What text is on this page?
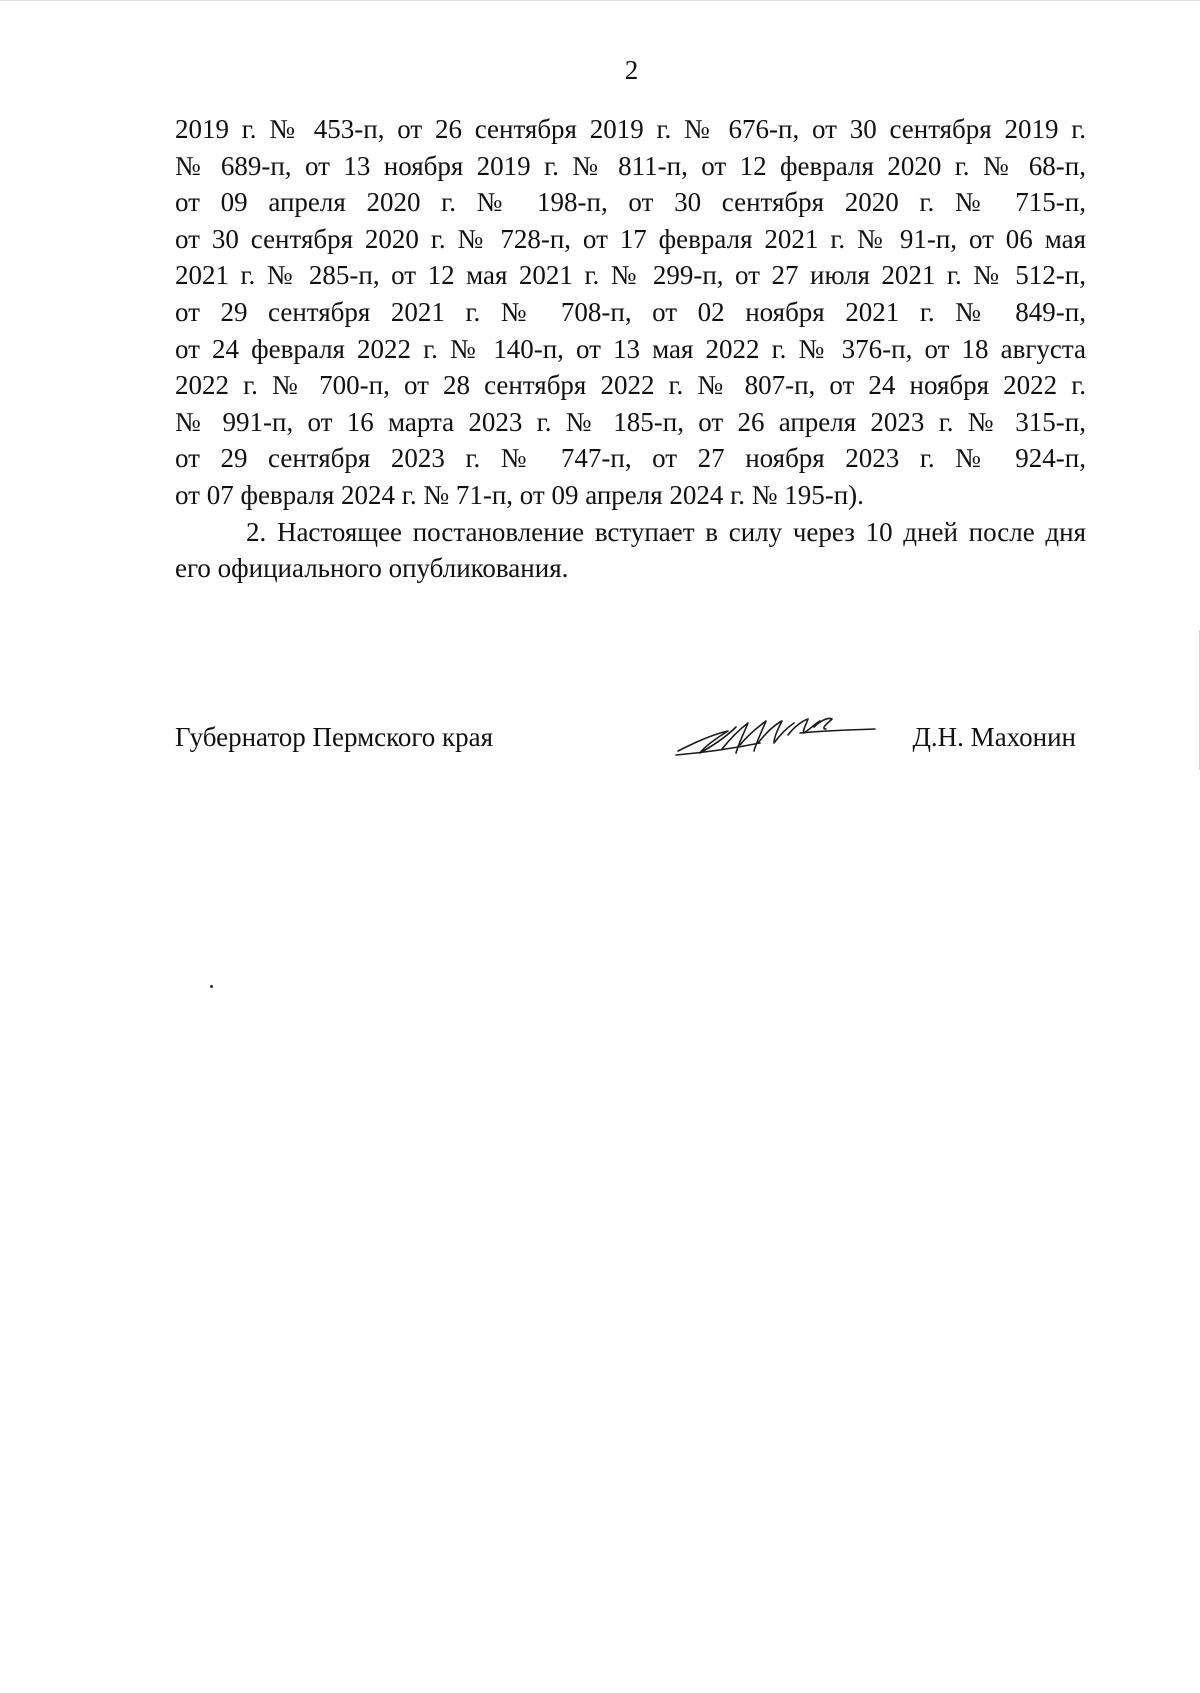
2
2019 г. № 453-п, от 26 сентября 2019 г. № 676-п, от 30 сентября 2019 г.
№ 689-п, от 13 ноября 2019 г. № 811-п, от 12 февраля 2020 г. № 68-п,
от 09 апреля 2020 г. № 198-п, от 30 сентября 2020 г. № 715-п,
от 30 сентября 2020 г. № 728-п, от 17 февраля 2021 г. № 91-п, от 06 мая
2021 г. № 285-п, от 12 мая 2021 г. № 299-п, от 27 июля 2021 г. № 512-п,
от 29 сентября 2021 г. № 708-п, от 02 ноября 2021 г. № 849-п,
от 24 февраля 2022 г. № 140-п, от 13 мая 2022 г. № 376-п, от 18 августа
2022 г. № 700-п, от 28 сентября 2022 г. № 807-п, от 24 ноября 2022 г.
№ 991-п, от 16 марта 2023 г. № 185-п, от 26 апреля 2023 г. № 315-п,
от 29 сентября 2023 г. № 747-п, от 27 ноября 2023 г. № 924-п,
от 07 февраля 2024 г. № 71-п, от 09 апреля 2024 г. № 195-п).
2. Настоящее постановление вступает в силу через 10 дней после дня
его официального опубликования.
Губернатор Пермского края	Д.Н. Махонин
